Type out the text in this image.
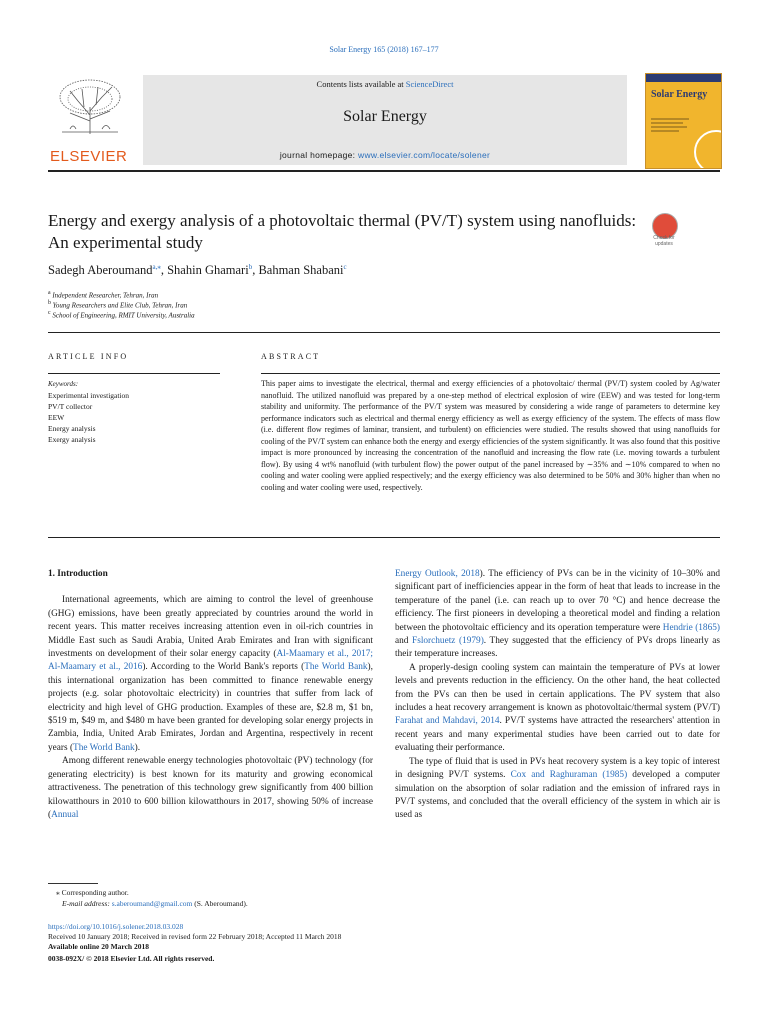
Solar Energy 165 (2018) 167–177
ELSEVIER
Contents lists available at ScienceDirect
Solar Energy
journal homepage: www.elsevier.com/locate/solener
Solar Energy
Energy and exergy analysis of a photovoltaic thermal (PV/T) system using nanofluids: An experimental study	Check for updates
Sadegh Aberoumand$^{a,⁎}$, Shahin Ghamari$^b$, Bahman Shabani$^c$
$^a$ Independent Researcher, Tehran, Iran
$^b$ Young Researchers and Elite Club, Tehran, Iran
$^c$ School of Engineering, RMIT University, Australia
ARTICLE INFO
Keywords:
Experimental investigation
PV/T collector
EEW
Energy analysis
Exergy analysis
ABSTRACT
This paper aims to investigate the electrical, thermal and exergy efficiencies of a photovoltaic/ thermal (PV/T) system cooled by Ag/water nanofluid. The utilized nanofluid was prepared by a one-step method of electrical explosion of wire (EEW) and was tested for long-term stability and uniformity. The performance of the PV/T system was measured by considering a wide range of parameters to determine key performance indicators such as electrical and thermal energy efficiency as well as exergy efficiency of the system. The effects of mass flow (i.e. different flow regimes of laminar, transient, and turbulent) on efficiencies were studied. The results showed that using nanofluids for cooling of the PV/T system can enhance both the energy and exergy efficiencies of the system significantly. It was also found that this positive impact is more pronounced by increasing the concentration of the nanofluid and increasing the flow rate (i.e. moving towards a turbulent flow). By using 4 wt% nanofluid (with turbulent flow) the power output of the panel increased by ∼35% and ∼10% compared to when no cooling and water cooling were applied respectively; and the exergy efficiency was also determined to be 50% and 30% higher than when no cooling and water cooling were used, respectively.

1. Introduction

International agreements, which are aiming to control the level of greenhouse (GHG) emissions, have been greatly appreciated by countries around the world in recent years. This matter receives increasing attention even in oil-rich countries in Middle East such as Saudi Arabia, United Arab Emirates and Iran with significant investments on development of their solar energy capacity (Al-Maamary et al., 2017; Al-Maamary et al., 2016). According to the World Bank's reports (The World Bank), this international organization has been committed to finance renewable energy projects (e.g. solar photovoltaic electricity) in countries that suffer from lack of electricity and high level of GHG production. Examples of these are, $2.8 m, $1 bn, $519 m, $49 m, and $480 m have been granted for developing solar energy projects in Zambia, India, United Arab Emirates, Jordan and Argentina, respectively in recent years (The World Bank).

Among different renewable energy technologies photovoltaic (PV) technology (for generating electricity) is best known for its maturity and growing economical attractiveness. The penetration of this technology grew significantly from 400 billion kilowatthours in 2010 to 600 billion kilowatthours in 2017, showing 50% of increase (Annual

Energy Outlook, 2018). The efficiency of PVs can be in the vicinity of 10–30% and significant part of inefficiencies appear in the form of heat that leads to increase in the temperature of the panel (i.e. can reach up to over 70 °C) and hence decrease the efficiency. The first pioneers in developing a theoretical model and finding a relation between the photovoltaic efficiency and its operation temperature were Hendrie (1865) and Fslorchuetz (1979). They suggested that the efficiency of PVs drops linearly as their temperature increases.

A properly-design cooling system can maintain the temperature of PVs at lower levels and prevents reduction in the efficiency. On the other hand, the heat collected from the PVs can then be used in certain applications. The PV system that also includes a heat recovery arrangement is known as photovoltaic/thermal system (PV/T) Farahat and Mahdavi, 2014. PV/T systems have attracted the researchers' attention in recent years and many experimental studies have been carried out to date for evaluating their performance.

The type of fluid that is used in PVs heat recovery system is a key topic of interest in designing PV/T systems. Cox and Raghuraman (1985) developed a computer simulation on the absorption of solar radiation and the emission of infrared rays in PV/T systems, and concluded that the overall efficiency of the system in which air is used as

⁎ Corresponding author.
E-mail address: s.aberoumand@gmail.com (S. Aberoumand).
https://doi.org/10.1016/j.solener.2018.03.028
Received 10 January 2018; Received in revised form 22 February 2018; Accepted 11 March 2018
Available online 20 March 2018
0038-092X/ © 2018 Elsevier Ltd. All rights reserved.
